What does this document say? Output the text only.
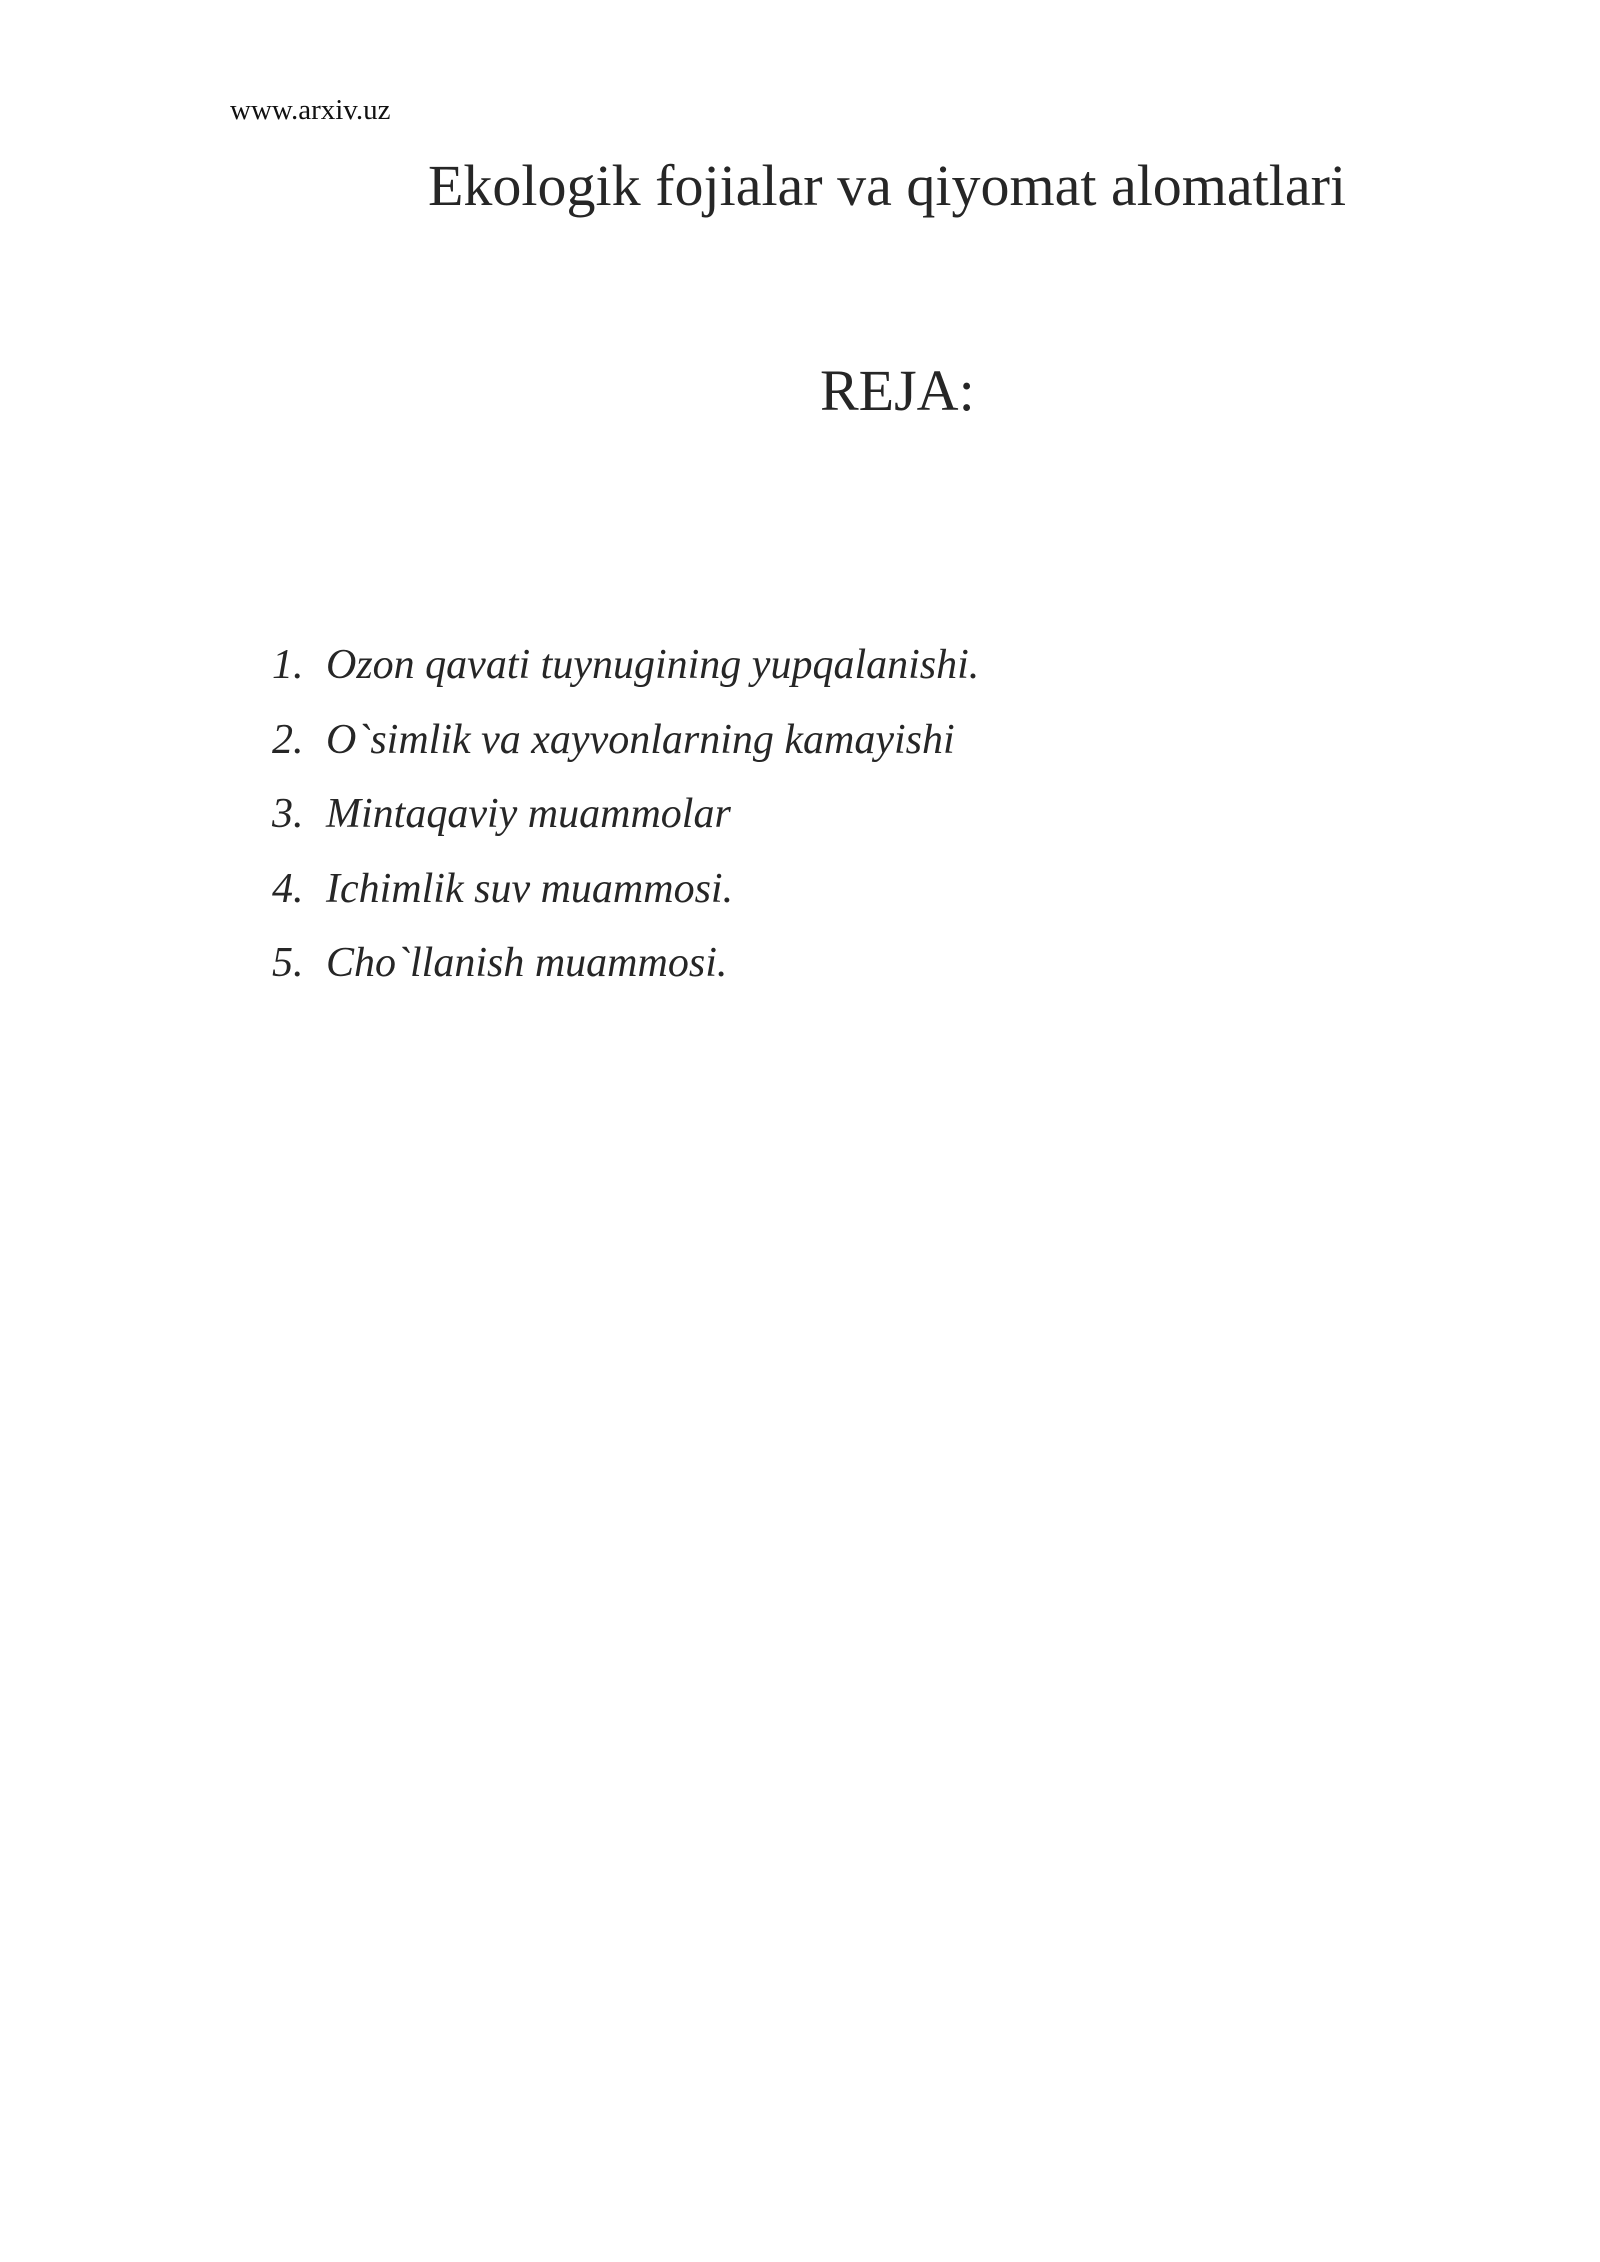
www.arxiv.uz
Ekologik fojialar va qiyomat alomatlari
REJA:
1. Ozon qavati tuynugining yupqalanishi.
2. O`simlik va xayvonlarning kamayishi
3. Mintaqaviy muammolar
4. Ichimlik suv muammosi.
5. Cho`llanish muammosi.
